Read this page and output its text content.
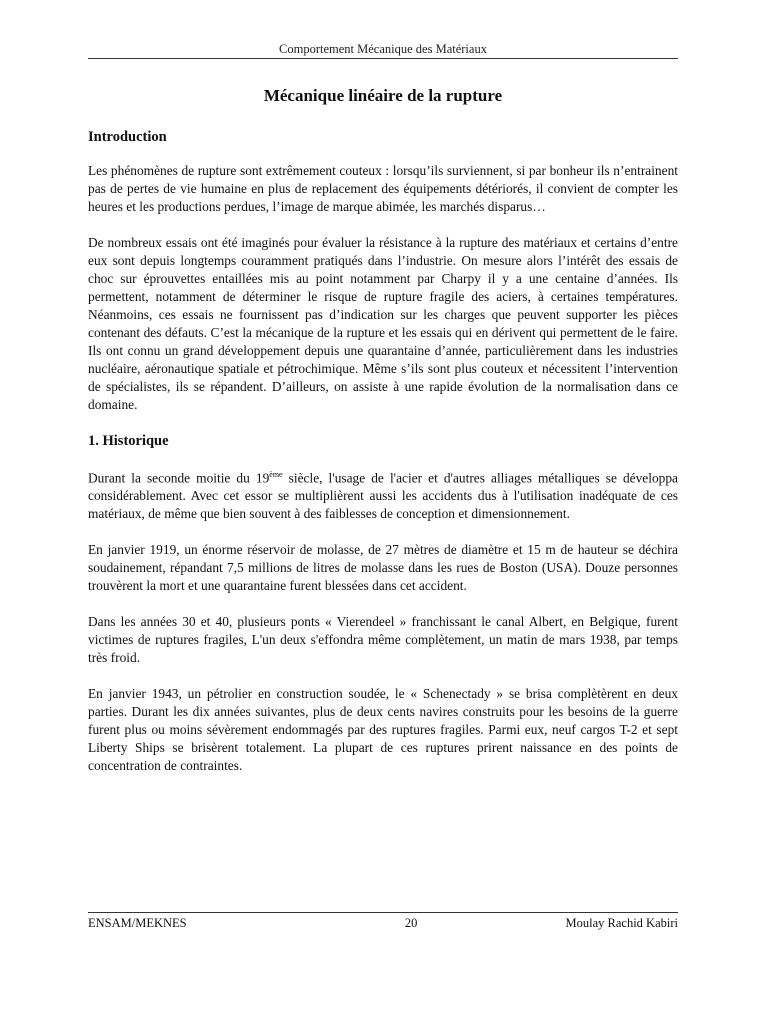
Comportement Mécanique des Matériaux
Mécanique linéaire de la rupture
Introduction

Les phénomènes de rupture sont extrêmement couteux : lorsqu’ils surviennent, si par bonheur ils n’entrainent pas de pertes de vie humaine en plus de replacement des équipements détériorés, il convient de compter les heures et les productions perdues, l’image de marque abimée, les marchés disparus…

De nombreux essais ont été imaginés pour évaluer la résistance à la rupture des matériaux et certains d’entre eux sont depuis longtemps couramment pratiqués dans l’industrie. On mesure alors l’intérêt des essais de choc sur éprouvettes entaillées mis au point notamment par Charpy il y a une centaine d’années. Ils permettent, notamment de déterminer le risque de rupture fragile des aciers, à certaines températures. Néanmoins, ces essais ne fournissent pas d’indication sur les charges que peuvent supporter les pièces contenant des défauts. C’est la mécanique de la rupture et les essais qui en dérivent qui permettent de le faire. Ils ont connu un grand développement depuis une quarantaine d’année, particulièrement dans les industries nucléaire, aéronautique spatiale et pétrochimique. Même s’ils sont plus couteux et nécessitent l’intervention de spécialistes, ils se répandent. D’ailleurs, on assiste à une rapide évolution de la normalisation dans ce domaine.

1. Historique

Durant la seconde moitie du 19ème siècle, l'usage de l'acier et d'autres alliages métalliques se développa considérablement. Avec cet essor se multiplièrent aussi les accidents dus à l'utilisation inadéquate de ces matériaux, de même que bien souvent à des faiblesses de conception et dimensionnement.

En janvier 1919, un énorme réservoir de molasse, de 27 mètres de diamètre et 15 m de hauteur se déchira soudainement, répandant 7,5 millions de litres de molasse dans les rues de Boston (USA). Douze personnes trouvèrent la mort et une quarantaine furent blessées dans cet accident.

Dans les années 30 et 40, plusieurs ponts « Vierendeel » franchissant le canal Albert, en Belgique, furent victimes de ruptures fragiles, L'un deux s'effondra même complètement, un matin de mars 1938, par temps très froid.

En janvier 1943, un pétrolier en construction soudée, le « Schenectady » se brisa complètèrent en deux parties. Durant les dix années suivantes, plus de deux cents navires construits pour les besoins de la guerre furent plus ou moins sévèrement endommagés par des ruptures fragiles. Parmi eux, neuf cargos T-2 et sept Liberty Ships se brisèrent totalement. La plupart de ces ruptures prirent naissance en des points de concentration de contraintes.

ENSAM/MEKNES	20	Moulay Rachid Kabiri
